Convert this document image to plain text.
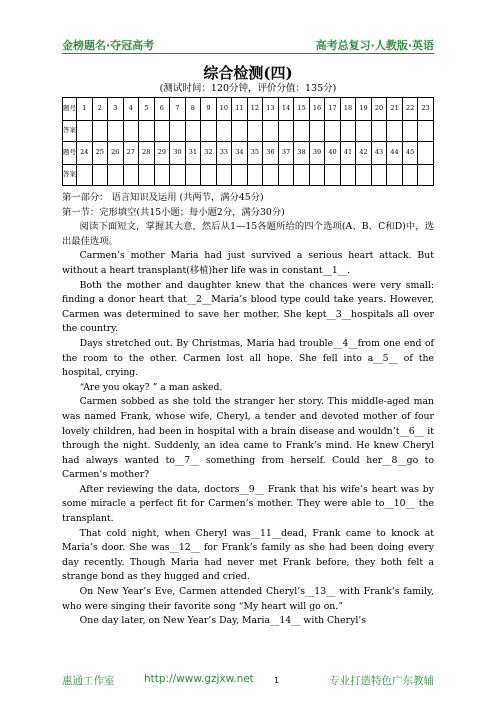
金榜题名·夺冠高考	高考总复习·人教版·英语
综合检测(四)
(测试时间：120分钟，评价分值：135分)
题号	1	2	3	4	5	6	7	8	9	10	11	12	13	14	15	16	17	18	19	20	21	22	23
答案																							
题号	24	25	26	27	28	29	30	31	32	33	34	35	36	37	38	39	40	41	42	43	44	45	
答案																							

第一部分： 语言知识及运用 (共两节，满分45分)

第一节：完形填空(共15小题；每小题2分，满分30分)

阅读下面短文，掌握其大意，然后从1—15各题所给的四个选项(A、B、C和D)中，选出最佳选项。

Carmen’s mother Maria had just survived a serious heart attack. But without a heart transplant(移植)her life was in constant__1__.

Both the mother and daughter knew that the chances were very small: finding a donor heart that__2__Maria’s blood type could take years. However, Carmen was determined to save her mother. She kept__3__hospitals all over the country.

Days stretched out. By Christmas, Maria had trouble__4__from one end of the room to the other. Carmen lost all hope. She fell into a__5__ of the hospital, crying.

“Are you okay? ” a man asked.

Carmen sobbed as she told the stranger her story. This middle-aged man was named Frank, whose wife, Cheryl, a tender and devoted mother of four lovely children, had been in hospital with a brain disease and wouldn’t__6__ it through the night. Suddenly, an idea came to Frank’s mind. He knew Cheryl had always wanted to__7__ something from herself. Could her__8__go to Carmen’s mother?

After reviewing the data, doctors__9__ Frank that his wife’s heart was by some miracle a perfect fit for Carmen’s mother. They were able to__10__ the transplant.

That cold night, when Cheryl was__11__dead, Frank came to knock at Maria’s door. She was__12__ for Frank’s family as she had been doing every day recently. Though Maria had never met Frank before, they both felt a strange bond as they hugged and cried.

On New Year’s Eve, Carmen attended Cheryl’s__13__ with Frank’s family, who were singing their favorite song “My heart will go on.”

One day later, on New Year’s Day, Maria__14__ with Cheryl’s

惠通工作室	http://www.gzjxw.net	1	专业打造特色广东教辅
